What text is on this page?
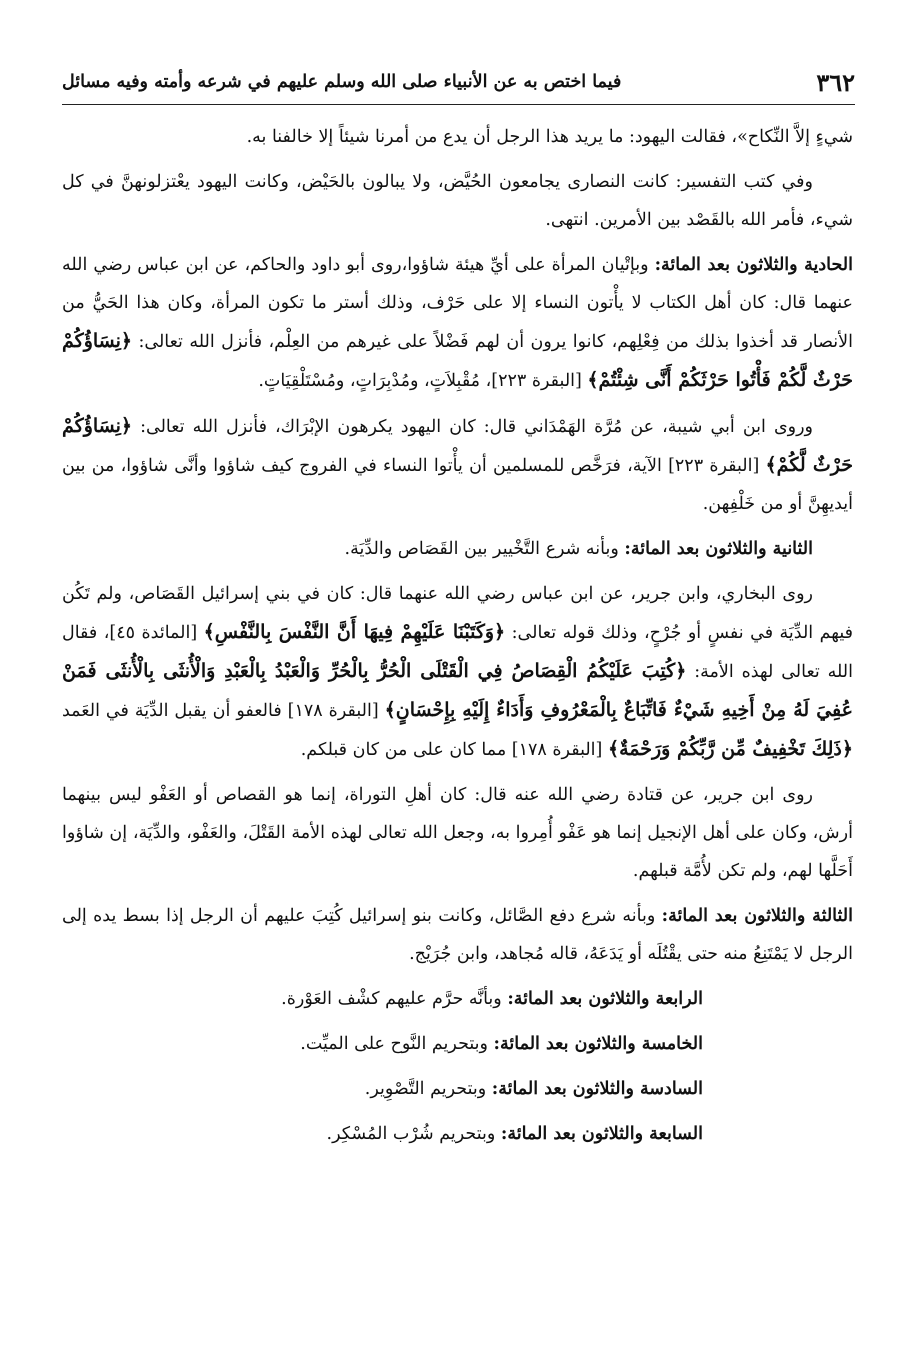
٣٦٢
فيما اختص به عن الأنبياء صلى الله وسلم عليهم في شرعه وأمته وفيه مسائل

شيءٍ إلاَّ النِّكاح»، فقالت اليهود: ما يريد هذا الرجل أن يدع من أمرنا شيئاً إلا خالفنا به.

وفي كتب التفسير: كانت النصارى يجامعون الحُيَّض، ولا يبالون بالحَيْض، وكانت اليهود يعْتزلونهنَّ في كل شيء، فأمر الله بالقَصْد بين الأمرين. انتهى.

الحادية والثلاثون بعد المائة: وبإتْيان المرأة على أيِّ هيئة شاؤوا،روى أبو داود والحاكم، عن ابن عباس رضي الله عنهما قال: كان أهل الكتاب لا يأْتون النساء إلا على حَرْف، وذلك أستر ما تكون المرأة، وكان هذا الحَيُّ من الأنصار قد أخذوا بذلك من فِعْلِهم، كانوا يرون أن لهم فَضْلاً على غيرهم من العِلْم، فأنزل الله تعالى: ﴿نِسَاؤُكُمْ حَرْثٌ لَّكُمْ فَأْتُوا حَرْثَكُمْ أَنَّى شِئْتُمْ﴾ [البقرة ٢٢٣]، مُقْبِلاَتٍ، ومُدْبِرَاتٍ، ومُسْتَلْقِيَاتٍ.

وروى ابن أبي شيبة، عن مُرَّة الهَمْدَاني قال: كان اليهود يكرهون الإبْرَاك، فأنزل الله تعالى: ﴿نِسَاؤُكُمْ حَرْثٌ لَّكُمْ﴾ [البقرة ٢٢٣] الآية، فرَخَّص للمسلمين أن يأْتوا النساء في الفروج كيف شاؤوا وأنَّى شاؤوا، من بين أيديهِنَّ أو من خَلْفِهن.

الثانية والثلاثون بعد المائة: وبأنه شرع التَّخْيير بين القَصَاص والدِّيَة.

روى البخاري، وابن جرير، عن ابن عباس رضي الله عنهما قال: كان في بني إسرائيل القَصَاص، ولم تَكُن فيهم الدِّيَة في نفسٍ أو جُرْحٍ، وذلك قوله تعالى: ﴿وَكَتَبْنَا عَلَيْهِمْ فِيهَا أَنَّ النَّفْسَ بِالنَّفْسِ﴾ [المائدة ٤٥]، فقال الله تعالى لهذه الأمة: ﴿كُتِبَ عَلَيْكُمُ الْقِصَاصُ فِي الْقَتْلَى الْحُرُّ بِالْحُرِّ وَالْعَبْدُ بِالْعَبْدِ وَالْأُنثَى بِالْأُنثَى فَمَنْ عُفِيَ لَهُ مِنْ أَخِيهِ شَيْءٌ فَاتِّبَاعٌ بِالْمَعْرُوفِ وَأَدَاءٌ إِلَيْهِ بِإِحْسَانٍ﴾ [البقرة ١٧٨] فالعفو أن يقبل الدِّيَة في العَمد ﴿ذَلِكَ تَخْفِيفٌ مِّن رَّبِّكُمْ وَرَحْمَةٌ﴾ [البقرة ١٧٨] مما كان على من كان قبلكم.

روى ابن جرير، عن قتادة رضي الله عنه قال: كان أهلِ التوراة، إنما هو القصاص أو العَفْو ليس بينهما أرش، وكان على أهل الإنجيل إنما هو عَفْو أُمِروا به، وجعل الله تعالى لهذه الأمة القَتْلَ، والعَفْو، والدِّيَة، إن شاؤوا أَحَلَّها لهم، ولم تكن لأُمَّة قبلهم.

الثالثة والثلاثون بعد المائة: وبأنه شرع دفع الصَّائل، وكانت بنو إسرائيل كُتِبَ عليهم أن الرجل إذا بسط يده إلى الرجل لا يَمْتَنِعُ منه حتى يقْتُلَه أو يَدَعَهُ، قاله مُجاهد، وابن جُرَيْج.

الرابعة والثلاثون بعد المائة: وبأنَّه حرَّم عليهم كشْف العَوْرة.

الخامسة والثلاثون بعد المائة: وبتحريم النَّوح على الميِّت.

السادسة والثلاثون بعد المائة: وبتحريم التَّصْوِير.

السابعة والثلاثون بعد المائة: وبتحريم شُرْب المُسْكِر.
